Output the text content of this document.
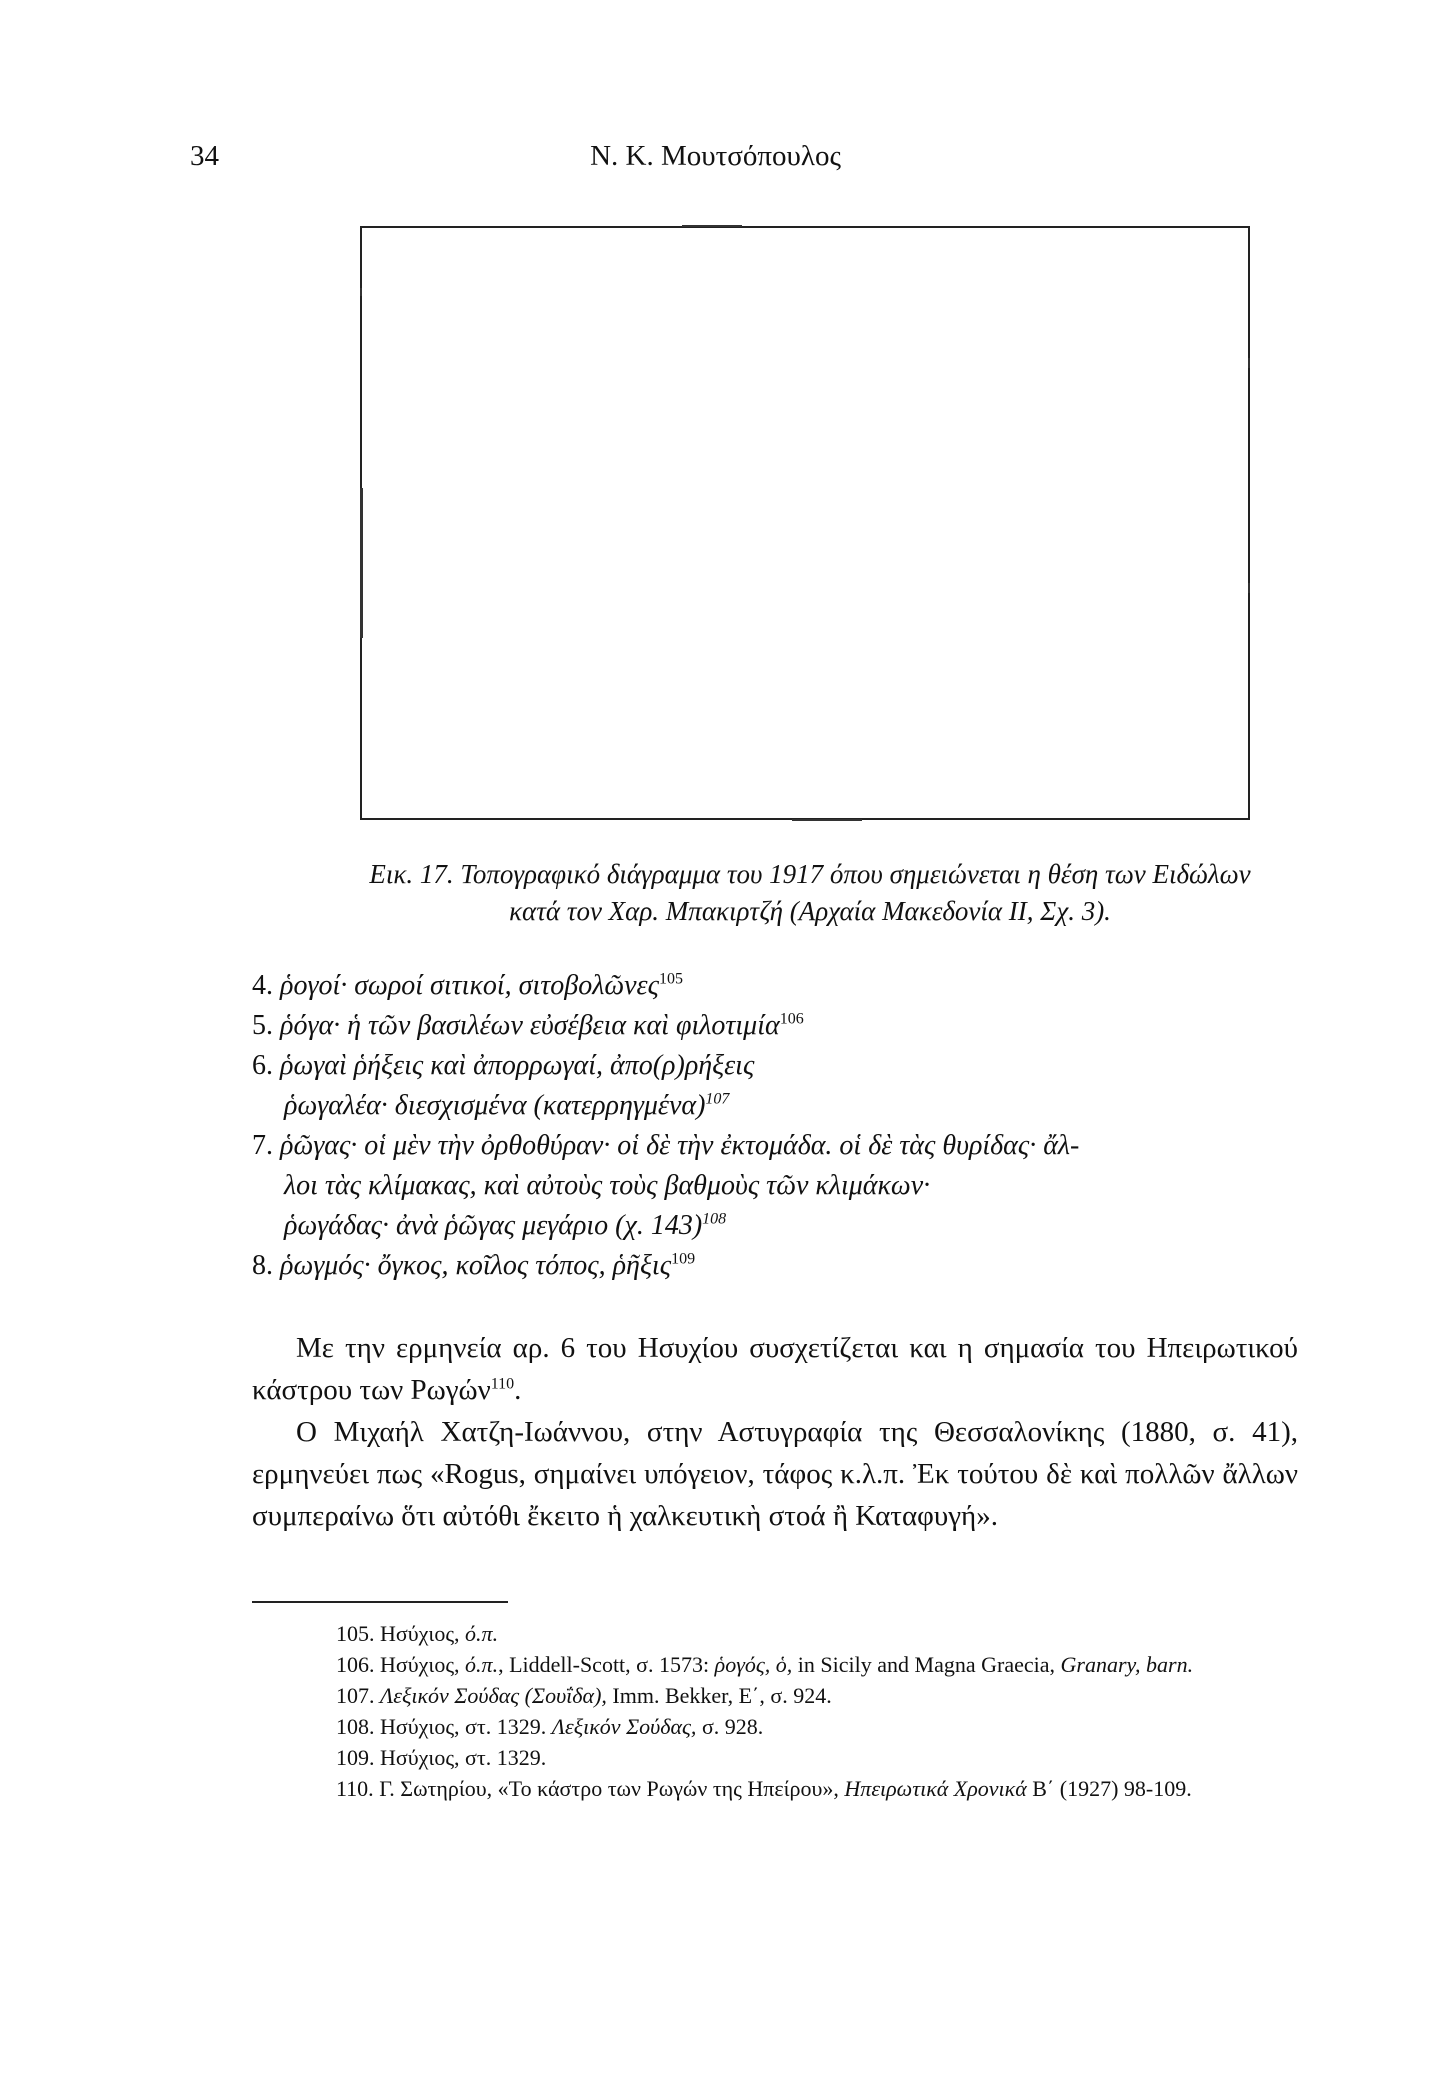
34	Ν. Κ. Μουτσόπουλος
Εικ. 17. Τοπογραφικό διάγραμμα του 1917 όπου σημειώνεται η θέση των Ειδώλων
κατά τον Χαρ. Μπακιρτζή (Αρχαία Μακεδονία ΙΙ, Σχ. 3).
4. ῥογοί· σωροί σιτικοί, σιτοβολῶνες$^{105}$
5. ῥόγα· ἡ τῶν βασιλέων εὐσέβεια καὶ φιλοτιμία$^{106}$
6. ῥωγαὶ ῥήξεις καὶ ἀπορρωγαί, ἀπο(ρ)ρήξεις
ῥωγαλέα· διεσχισμένα $(\kappa\alpha\tau\varepsilon\rho\rho\eta\gamma\mu έ\nu\alpha)^{107}$
7. ῥῶγας· οἱ μὲν τὴν ὀρθοθύραν· οἱ δὲ τὴν ἐκτομάδα. οἱ δὲ τὰς θυρίδας· ἄλ-
λοι τὰς κλίμακας, καὶ αὐτοὺς τοὺς βαθμοὺς τῶν κλιμάκων·
ῥωγάδας· ἀνὰ ῥῶγας μεγάριο (χ. 143)$^{108}$
8. ῥωγμός· ὄγκος, κοῖλος τόπος, ῥῆξις$^{109}$
Με την ερμηνεία αρ. 6 του Ησυχίου συσχετίζεται και η σημασία του Ηπειρωτικού κάστρου των Ρωγών$^{110}$.
Ο Μιχαήλ Χατζη-Ιωάννου, στην Αστυγραφία της Θεσσαλονίκης (1880, σ. 41), ερμηνεύει πως «Rogus, σημαίνει υπόγειον, τάφος κ.λ.π. Ἐκ τούτου δὲ καὶ πολλῶν ἄλλων συμπεραίνω ὅτι αὐτόθι ἔκειτο ἡ χαλκευτικὴ στοά ἢ Καταφυγή».
105. Ησύχιος, ό.π.
106. Ησύχιος, ό.π., Liddell-Scott, σ. 1573: ῥογός, ὁ, in Sicily and Magna Graecia, Granary, barn.
107. Λεξικόν Σούδας (Σουΐδα), Imm. Bekker, Ε΄, σ. 924.
108. Ησύχιος, στ. 1329. Λεξικόν Σούδας, σ. 928.
109. Ησύχιος, στ. 1329.
110. Γ. Σωτηρίου, «Το κάστρο των Ρωγών της Ηπείρου», Ηπειρωτικά Χρονικά Β΄ (1927) 98-109.
